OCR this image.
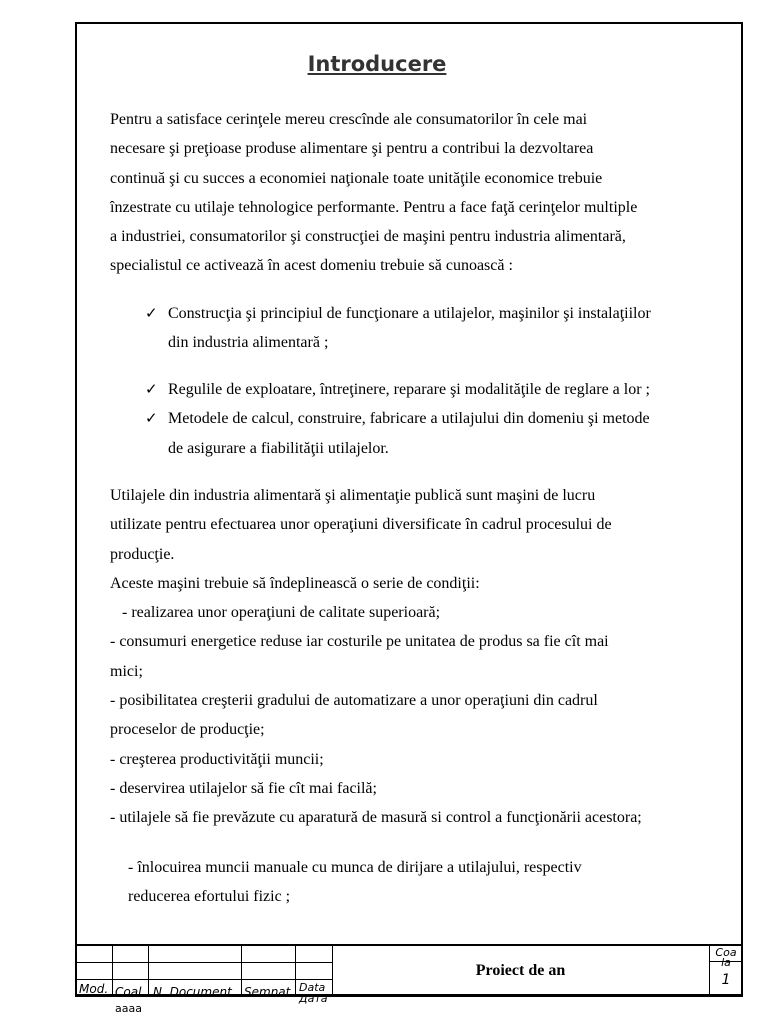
Introducere
Pentru a satisface cerinţele mereu crescînde ale consumatorilor în cele mai
necesare şi preţioase produse alimentare şi pentru a contribui la dezvoltarea
continuă şi cu succes a economiei naţionale toate unităţile economice trebuie
înzestrate cu utilaje tehnologice performante. Pentru a face faţă cerinţelor multiple
a industriei, consumatorilor şi construcţiei de maşini pentru industria alimentară,
specialistul ce activează în acest domeniu trebuie să cunoască :
✓ Construcţia şi principiul de funcţionare a utilajelor, maşinilor şi instalaţiilor
din industria alimentară ;
✓ Regulile de exploatare, întreţinere, reparare şi modalităţile de reglare a lor ;
✓ Metodele de calcul, construire, fabricare a utilajului din domeniu şi metode
de asigurare a fiabilităţii utilajelor.
Utilajele din industria alimentară şi alimentaţie publică sunt maşini de lucru
utilizate pentru efectuarea unor operaţiuni diversificate în cadrul procesului de
producţie.
Aceste maşini trebuie să îndeplinească o serie de condiţii:
- realizarea unor operaţiuni de calitate superioară;
- consumuri energetice reduse iar costurile pe unitatea de produs sa fie cît mai
mici;
- posibilitatea creşterii gradului de automatizare a unor operaţiuni din cadrul
proceselor de producţie;
- creşterea productivităţii muncii;
- deservirea utilajelor să fie cît mai facilă;
- utilajele să fie prevăzute cu aparatură de masură si control a funcţionării acestora;
- înlocuirea muncii manuale cu munca de dirijare a utilajului, respectiv
reducerea efortului fizic ;
Mod. Coal N. Document Semnat Data
Дата
Proiect de an
Coala
1
aaaa
